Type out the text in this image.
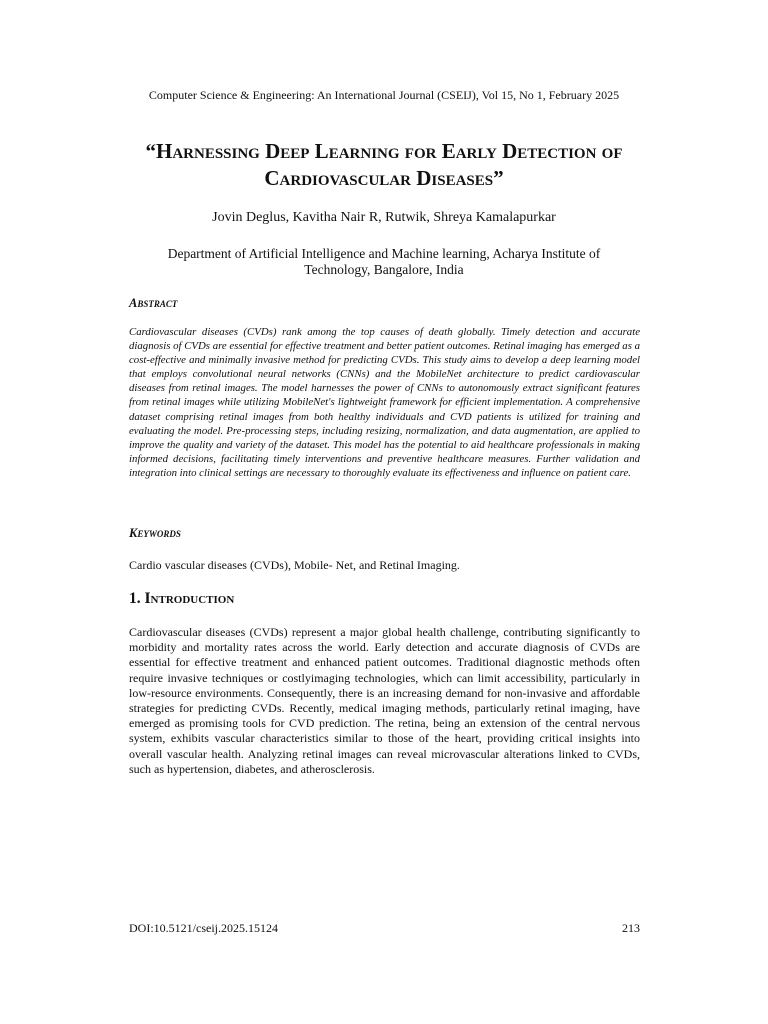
Computer Science & Engineering: An International Journal (CSEIJ), Vol 15, No 1, February 2025
“Harnessing Deep Learning for Early Detection of Cardiovascular Diseases”
Jovin Deglus, Kavitha Nair R, Rutwik, Shreya Kamalapurkar
Department of Artificial Intelligence and Machine learning, Acharya Institute of Technology, Bangalore, India
Abstract

Cardiovascular diseases (CVDs) rank among the top causes of death globally. Timely detection and accurate diagnosis of CVDs are essential for effective treatment and better patient outcomes. Retinal imaging has emerged as a cost-effective and minimally invasive method for predicting CVDs. This study aims to develop a deep learning model that employs convolutional neural networks (CNNs) and the MobileNet architecture to predict cardiovascular diseases from retinal images. The model harnesses the power of CNNs to autonomously extract significant features from retinal images while utilizing MobileNet's lightweight framework for efficient implementation. A comprehensive dataset comprising retinal images from both healthy individuals and CVD patients is utilized for training and evaluating the model. Pre-processing steps, including resizing, normalization, and data augmentation, are applied to improve the quality and variety of the dataset. This model has the potential to aid healthcare professionals in making informed decisions, facilitating timely interventions and preventive healthcare measures. Further validation and integration into clinical settings are necessary to thoroughly evaluate its effectiveness and influence on patient care.

Keywords

Cardio vascular diseases (CVDs), Mobile- Net, and Retinal Imaging.

1. Introduction

Cardiovascular diseases (CVDs) represent a major global health challenge, contributing significantly to morbidity and mortality rates across the world. Early detection and accurate diagnosis of CVDs are essential for effective treatment and enhanced patient outcomes. Traditional diagnostic methods often require invasive techniques or costlyimaging technologies, which can limit accessibility, particularly in low-resource environments. Consequently, there is an increasing demand for non-invasive and affordable strategies for predicting CVDs. Recently, medical imaging methods, particularly retinal imaging, have emerged as promising tools for CVD prediction. The retina, being an extension of the central nervous system, exhibits vascular characteristics similar to those of the heart, providing critical insights into overall vascular health. Analyzing retinal images can reveal microvascular alterations linked to CVDs, such as hypertension, diabetes, and atherosclerosis.

DOI:10.5121/cseij.2025.15124	213
